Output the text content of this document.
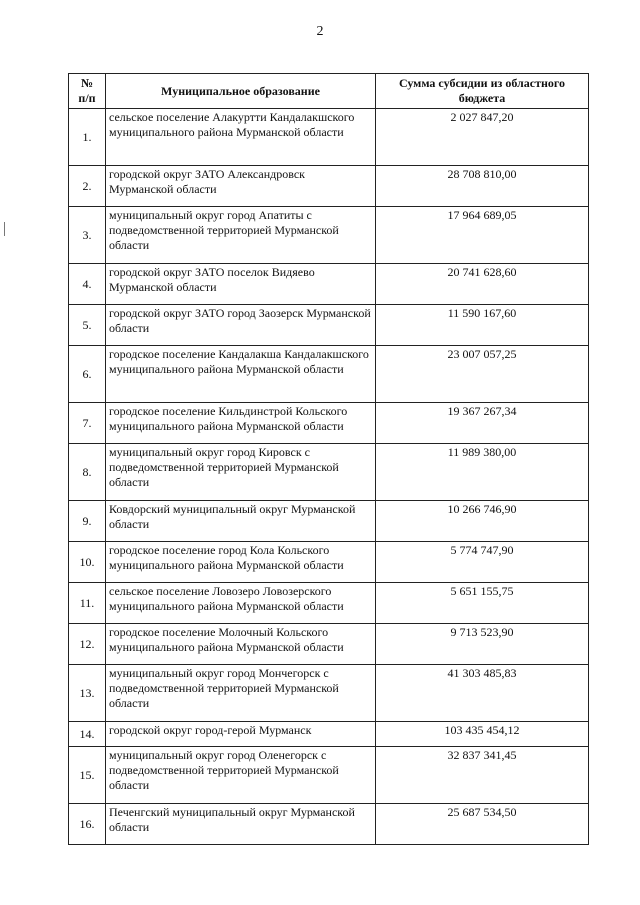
2
№
п/п	Муниципальное образование	Сумма субсидии из областного бюджета
1.	сельское поселение Алакуртти Кандалакшского муниципального района Мурманской области	2 027 847,20
2.	городской округ ЗАТО Александровск Мурманской области	28 708 810,00
3.	муниципальный округ город Апатиты с подведомственной территорией Мурманской области	17 964 689,05
4.	городской округ ЗАТО поселок Видяево Мурманской области	20 741 628,60
5.	городской округ ЗАТО город Заозерск Мурманской области	11 590 167,60
6.	городское поселение Кандалакша Кандалакшского муниципального района Мурманской области	23 007 057,25
7.	городское поселение Кильдинстрой Кольского муниципального района Мурманской области	19 367 267,34
8.	муниципальный округ город Кировск с подведомственной территорией Мурманской области	11 989 380,00
9.	Ковдорский муниципальный округ Мурманской области	10 266 746,90
10.	городское поселение город Кола Кольского муниципального района Мурманской области	5 774 747,90
11.	сельское поселение Ловозеро Ловозерского муниципального района Мурманской области	5 651 155,75
12.	городское поселение Молочный Кольского муниципального района Мурманской области	9 713 523,90
13.	муниципальный округ город Мончегорск с подведомственной территорией Мурманской области	41 303 485,83
14.	городской округ город-герой Мурманск	103 435 454,12
15.	муниципальный округ город Оленегорск с подведомственной территорией Мурманской области	32 837 341,45
16.	Печенгский муниципальный округ Мурманской области	25 687 534,50
